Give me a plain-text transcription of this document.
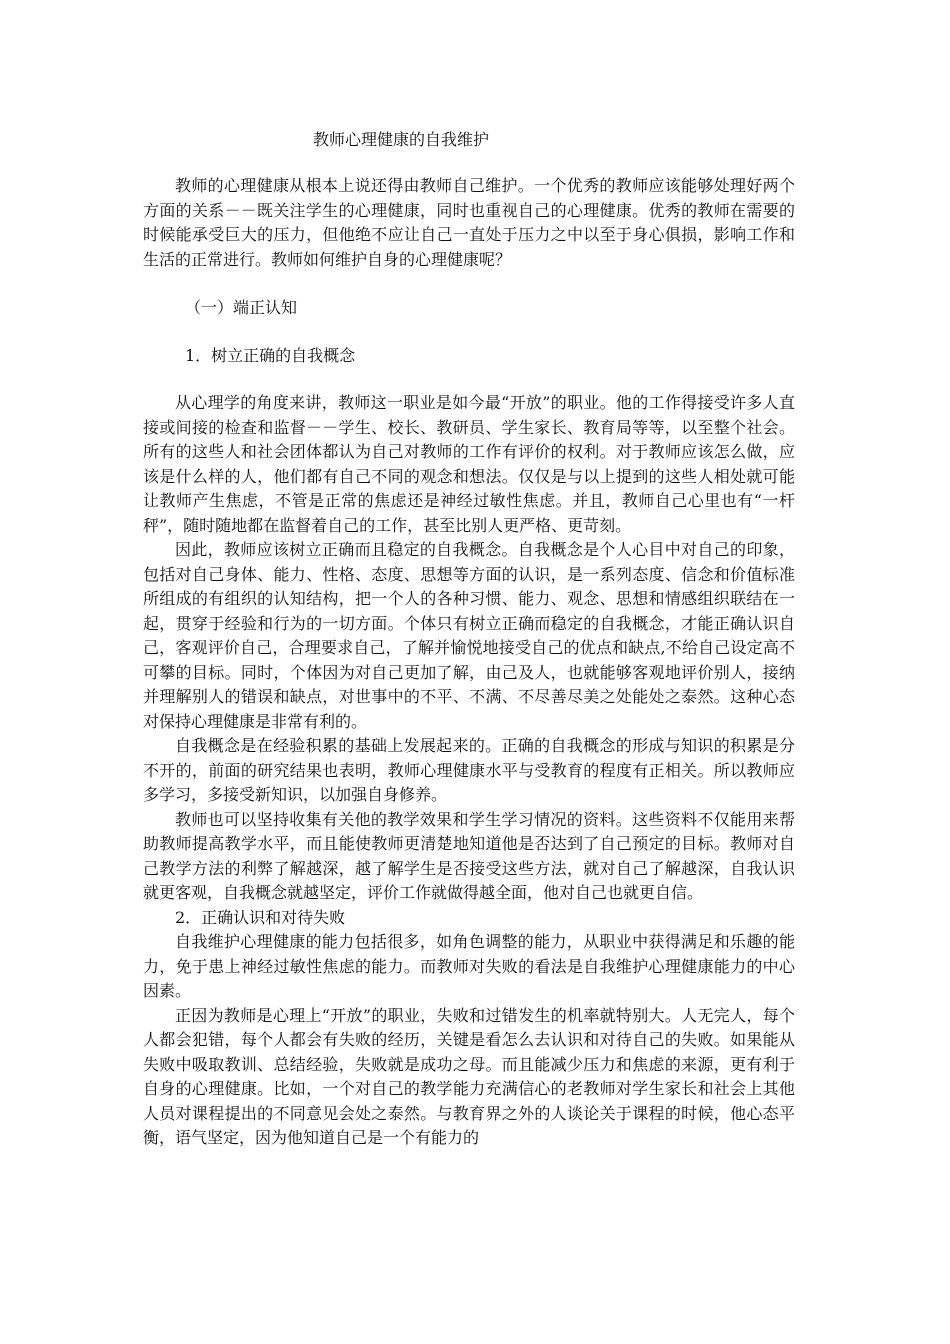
教师心理健康的自我维护

教师的心理健康从根本上说还得由教师自己维护。一个优秀的教师应该能够处理好两个方面的关系－－既关注学生的心理健康，同时也重视自己的心理健康。优秀的教师在需要的时候能承受巨大的压力，但他绝不应让自己一直处于压力之中以至于身心俱损，影响工作和生活的正常进行。教师如何维护自身的心理健康呢？

（一）端正认知
1．树立正确的自我概念

从心理学的角度来讲，教师这一职业是如今最“开放”的职业。他的工作得接受许多人直接或间接的检查和监督－－学生、校长、教研员、学生家长、教育局等等，以至整个社会。所有的这些人和社会团体都认为自己对教师的工作有评价的权利。对于教师应该怎么做，应该是什么样的人，他们都有自己不同的观念和想法。仅仅是与以上提到的这些人相处就可能让教师产生焦虑，不管是正常的焦虑还是神经过敏性焦虑。并且，教师自己心里也有“一杆秤”，随时随地都在监督着自己的工作，甚至比别人更严格、更苛刻。

因此，教师应该树立正确而且稳定的自我概念。自我概念是个人心目中对自己的印象，包括对自己身体、能力、性格、态度、思想等方面的认识，是一系列态度、信念和价值标准所组成的有组织的认知结构，把一个人的各种习惯、能力、观念、思想和情感组织联结在一起，贯穿于经验和行为的一切方面。个体只有树立正确而稳定的自我概念，才能正确认识自己，客观评价自己，合理要求自己，了解并愉悦地接受自己的优点和缺点,不给自己设定高不可攀的目标。同时，个体因为对自己更加了解，由己及人，也就能够客观地评价别人，接纳并理解别人的错误和缺点，对世事中的不平、不满、不尽善尽美之处能处之泰然。这种心态对保持心理健康是非常有利的。

自我概念是在经验积累的基础上发展起来的。正确的自我概念的形成与知识的积累是分不开的，前面的研究结果也表明，教师心理健康水平与受教育的程度有正相关。所以教师应多学习，多接受新知识，以加强自身修养。

教师也可以坚持收集有关他的教学效果和学生学习情况的资料。这些资料不仅能用来帮助教师提高教学水平，而且能使教师更清楚地知道他是否达到了自己预定的目标。教师对自己教学方法的利弊了解越深，越了解学生是否接受这些方法，就对自己了解越深，自我认识就更客观，自我概念就越坚定，评价工作就做得越全面，他对自己也就更自信。

2．正确认识和对待失败

自我维护心理健康的能力包括很多，如角色调整的能力，从职业中获得满足和乐趣的能力，免于患上神经过敏性焦虑的能力。而教师对失败的看法是自我维护心理健康能力的中心因素。

正因为教师是心理上“开放”的职业，失败和过错发生的机率就特别大。人无完人，每个人都会犯错，每个人都会有失败的经历，关键是看怎么去认识和对待自己的失败。如果能从失败中吸取教训、总结经验，失败就是成功之母。而且能减少压力和焦虑的来源，更有利于自身的心理健康。比如，一个对自己的教学能力充满信心的老教师对学生家长和社会上其他人员对课程提出的不同意见会处之泰然。与教育界之外的人谈论关于课程的时候，他心态平衡，语气坚定，因为他知道自己是一个有能力的
